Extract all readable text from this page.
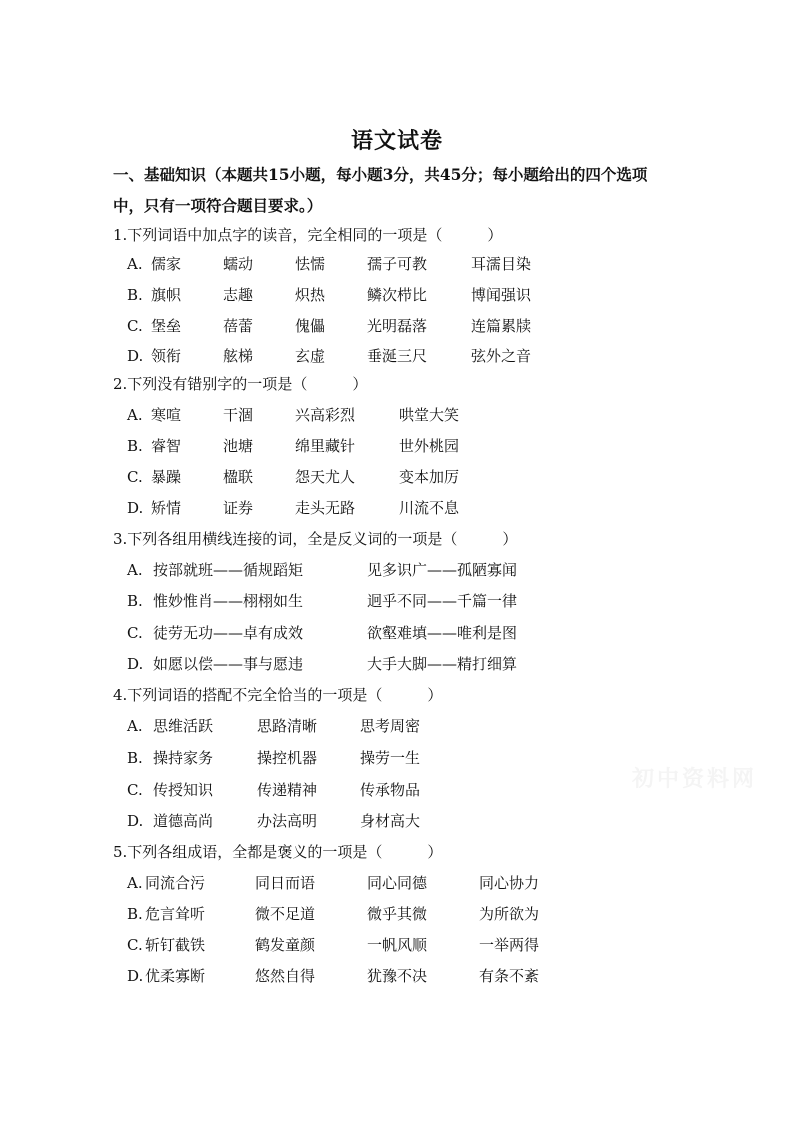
语文试卷
一、基础知识（本题共15小题，每小题3分，共45分；每小题给出的四个选项
中，只有一项符合题目要求。）
1.下列词语中加点字的读音，完全相同的一项是（　　　）
A. 儒家	蠕动	怯懦	孺子可教	耳濡目染
B. 旗帜	志趣	炽热	鳞次栉比	博闻强识
C. 堡垒	蓓蕾	傀儡	光明磊落	连篇累牍
D. 领衔	舷梯	玄虚	垂涎三尺	弦外之音
2.下列没有错别字的一项是（　　　）
A. 寒喧	干涸	兴高彩烈	哄堂大笑
B. 睿智	池塘	绵里藏针	世外桃园
C. 暴躁	楹联	怨天尤人	变本加厉
D. 矫情	证券	走头无路	川流不息
3.下列各组用横线连接的词，全是反义词的一项是（　　　）
A. 按部就班——循规蹈矩	见多识广——孤陋寡闻
B. 惟妙惟肖——栩栩如生	迥乎不同——千篇一律
C. 徒劳无功——卓有成效	欲壑难填——唯利是图
D. 如愿以偿——事与愿违	大手大脚——精打细算
4.下列词语的搭配不完全恰当的一项是（　　　）
A. 思维活跃	思路清晰	思考周密
B. 操持家务	操控机器	操劳一生
C. 传授知识	传递精神	传承物品
D. 道德高尚	办法高明	身材高大
5.下列各组成语，全都是褒义的一项是（　　　）
A. 同流合污	同日而语	同心同德	同心协力
B. 危言耸听	微不足道	微乎其微	为所欲为
C. 斩钉截铁	鹤发童颜	一帆风顺	一举两得
D. 优柔寡断	悠然自得	犹豫不决	有条不紊
初中资料网
